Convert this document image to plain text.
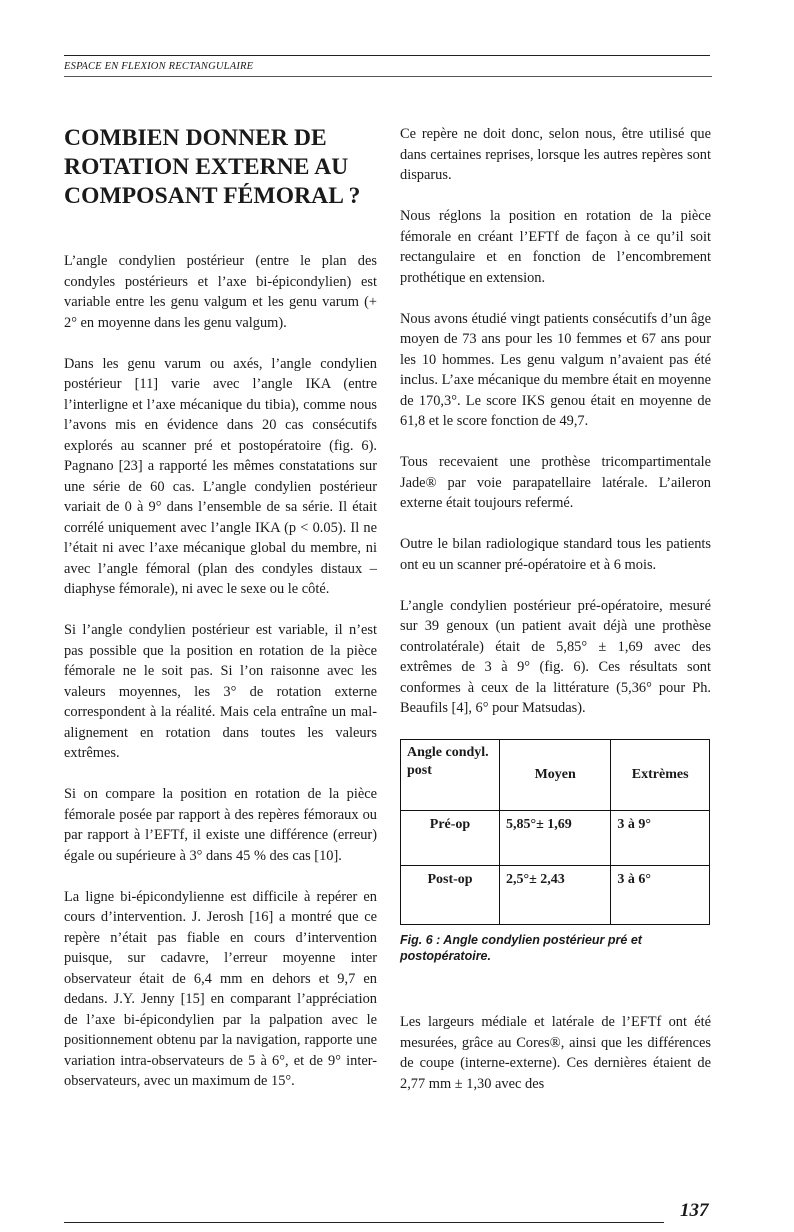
ESPACE EN FLEXION RECTANGULAIRE
COMBIEN DONNER DE ROTATION EXTERNE AU COMPOSANT FÉMORAL ?

L’angle condylien postérieur (entre le plan des condyles postérieurs et l’axe bi-épicondylien) est variable entre les genu valgum et les genu varum (+ 2° en moyenne dans les genu valgum).

Dans les genu varum ou axés, l’angle condylien postérieur [11] varie avec l’angle IKA (entre l’interligne et l’axe mécanique du tibia), comme nous l’avons mis en évidence dans 20 cas consécutifs explorés au scanner pré et postopératoire (fig. 6). Pagnano [23] a rapporté les mêmes constatations sur une série de 60 cas. L’angle condylien postérieur variait de 0 à 9° dans l’ensemble de sa série. Il était corrélé uniquement avec l’angle IKA (p < 0.05). Il ne l’était ni avec l’axe mécanique global du membre, ni avec l’angle fémoral (plan des condyles distaux – diaphyse fémorale), ni avec le sexe ou le côté.

Si l’angle condylien postérieur est variable, il n’est pas possible que la position en rotation de la pièce fémorale ne le soit pas. Si l’on raisonne avec les valeurs moyennes, les 3° de rotation externe correspondent à la réalité. Mais cela entraîne un mal-alignement en rotation dans toutes les valeurs extrêmes.

Si on compare la position en rotation de la pièce fémorale posée par rapport à des repères fémoraux ou par rapport à l’EFTf, il existe une différence (erreur) égale ou supérieure à 3° dans 45 % des cas [10].

La ligne bi-épicondylienne est difficile à repérer en cours d’intervention. J. Jerosh [16] a montré que ce repère n’était pas fiable en cours d’intervention puisque, sur cadavre, l’erreur moyenne inter observateur était de 6,4 mm en dehors et 9,7 en dedans. J.Y. Jenny [15] en comparant l’appréciation de l’axe bi-épicondylien par la palpation avec le positionnement obtenu par la navigation, rapporte une variation intra-observateurs de 5 à 6°, et de 9° inter-observateurs, avec un maximum de 15°.

Ce repère ne doit donc, selon nous, être utilisé que dans certaines reprises, lorsque les autres repères sont disparus.

Nous réglons la position en rotation de la pièce fémorale en créant l’EFTf de façon à ce qu’il soit rectangulaire et en fonction de l’encombrement prothétique en extension.

Nous avons étudié vingt patients consécutifs d’un âge moyen de 73 ans pour les 10 femmes et 67 ans pour les 10 hommes. Les genu valgum n’avaient pas été inclus. L’axe mécanique du membre était en moyenne de 170,3°. Le score IKS genou était en moyenne de 61,8 et le score fonction de 49,7.

Tous recevaient une prothèse tricompartimentale Jade® par voie parapatellaire latérale. L’aileron externe était toujours refermé.

Outre le bilan radiologique standard tous les patients ont eu un scanner pré-opératoire et à 6 mois.

L’angle condylien postérieur pré-opératoire, mesuré sur 39 genoux (un patient avait déjà une prothèse controlatérale) était de 5,85° ± 1,69 avec des extrêmes de 3 à 9° (fig. 6). Ces résultats sont conformes à ceux de la littérature (5,36° pour Ph. Beaufils [4], 6° pour Matsudas).

Angle condyl. post	Moyen	Extrèmes
Pré-op	5,85°± 1,69	3 à 9°
Post-op	2,5°± 2,43	3 à 6°
Fig. 6 : Angle condylien postérieur pré et postopératoire.

Les largeurs médiale et latérale de l’EFTf ont été mesurées, grâce au Cores®, ainsi que les différences de coupe (interne-externe). Ces dernières étaient de 2,77 mm ± 1,30 avec des

137
